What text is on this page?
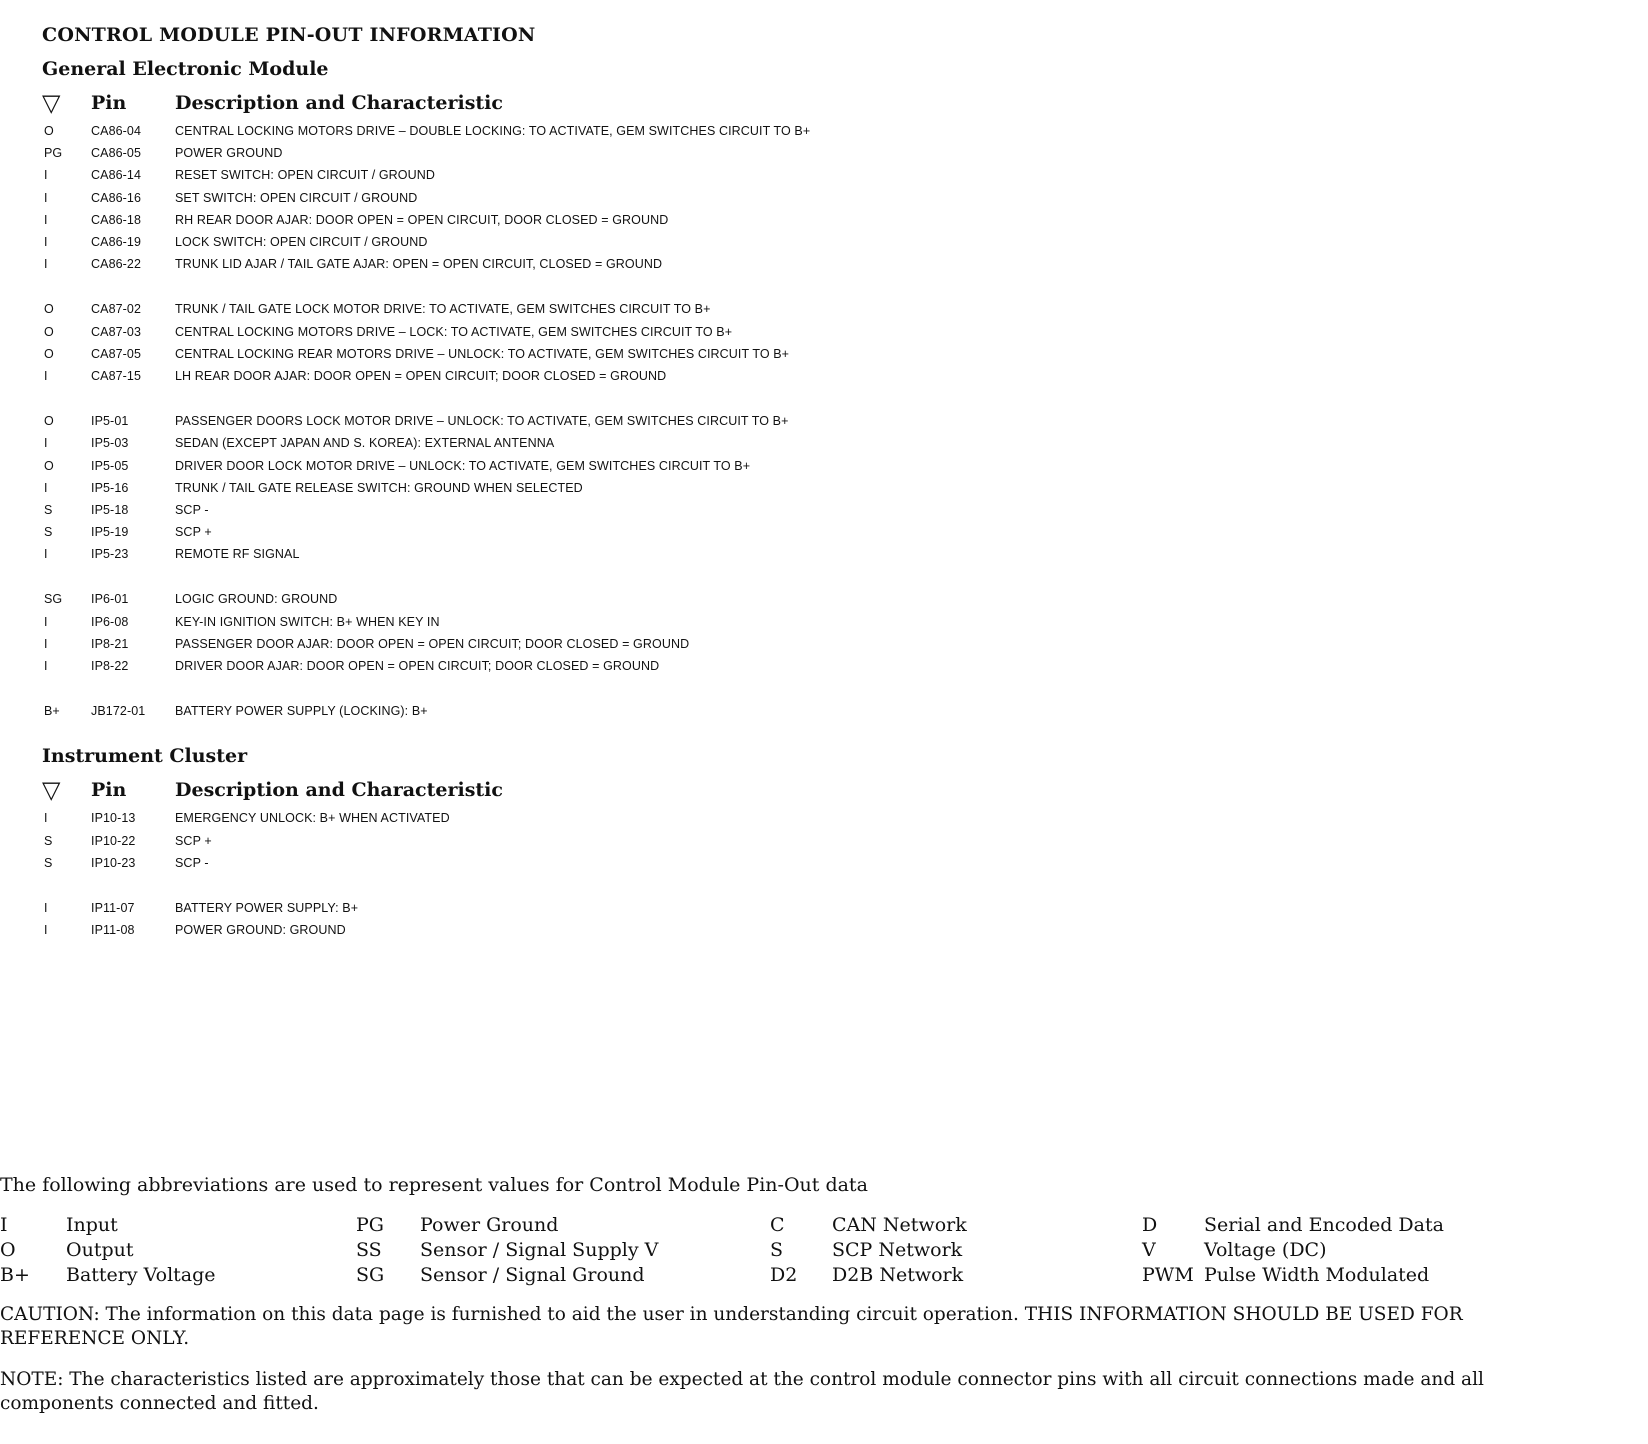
CONTROL MODULE PIN-OUT INFORMATION
General Electronic Module
▽	Pin	Description and Characteristic
O	CA86-04	CENTRAL LOCKING MOTORS DRIVE – DOUBLE LOCKING: TO ACTIVATE, GEM SWITCHES CIRCUIT TO B+
PG	CA86-05	POWER GROUND
I	CA86-14	RESET SWITCH: OPEN CIRCUIT / GROUND
I	CA86-16	SET SWITCH: OPEN CIRCUIT / GROUND
I	CA86-18	RH REAR DOOR AJAR: DOOR OPEN = OPEN CIRCUIT, DOOR CLOSED = GROUND
I	CA86-19	LOCK SWITCH: OPEN CIRCUIT / GROUND
I	CA86-22	TRUNK LID AJAR / TAIL GATE AJAR: OPEN = OPEN CIRCUIT, CLOSED = GROUND
O	CA87-02	TRUNK / TAIL GATE LOCK MOTOR DRIVE: TO ACTIVATE, GEM SWITCHES CIRCUIT TO B+
O	CA87-03	CENTRAL LOCKING MOTORS DRIVE – LOCK: TO ACTIVATE, GEM SWITCHES CIRCUIT TO B+
O	CA87-05	CENTRAL LOCKING REAR MOTORS DRIVE – UNLOCK: TO ACTIVATE, GEM SWITCHES CIRCUIT TO B+
I	CA87-15	LH REAR DOOR AJAR: DOOR OPEN = OPEN CIRCUIT; DOOR CLOSED = GROUND
O	IP5-01	PASSENGER DOORS LOCK MOTOR DRIVE – UNLOCK: TO ACTIVATE, GEM SWITCHES CIRCUIT TO B+
I	IP5-03	SEDAN (EXCEPT JAPAN AND S. KOREA): EXTERNAL ANTENNA
O	IP5-05	DRIVER DOOR LOCK MOTOR DRIVE – UNLOCK: TO ACTIVATE, GEM SWITCHES CIRCUIT TO B+
I	IP5-16	TRUNK / TAIL GATE RELEASE SWITCH: GROUND WHEN SELECTED
S	IP5-18	SCP -
S	IP5-19	SCP +
I	IP5-23	REMOTE RF SIGNAL
SG	IP6-01	LOGIC GROUND: GROUND
I	IP6-08	KEY-IN IGNITION SWITCH: B+ WHEN KEY IN
I	IP8-21	PASSENGER DOOR AJAR: DOOR OPEN = OPEN CIRCUIT; DOOR CLOSED = GROUND
I	IP8-22	DRIVER DOOR AJAR: DOOR OPEN = OPEN CIRCUIT; DOOR CLOSED = GROUND
B+	JB172-01	BATTERY POWER SUPPLY (LOCKING): B+
Instrument Cluster
▽	Pin	Description and Characteristic
I	IP10-13	EMERGENCY UNLOCK: B+ WHEN ACTIVATED
S	IP10-22	SCP +
S	IP10-23	SCP -
I	IP11-07	BATTERY POWER SUPPLY: B+
I	IP11-08	POWER GROUND: GROUND
The following abbreviations are used to represent values for Control Module Pin-Out data
I	Input	PG	Power Ground	C	CAN Network	D	Serial and Encoded Data
O	Output	SS	Sensor / Signal Supply V	S	SCP Network	V	Voltage (DC)
B+	Battery Voltage	SG	Sensor / Signal Ground	D2	D2B Network	PWM Pulse Width Modulated
CAUTION: The information on this data page is furnished to aid the user in understanding circuit operation. THIS INFORMATION SHOULD BE USED FOR REFERENCE ONLY.
NOTE: The characteristics listed are approximately those that can be expected at the control module connector pins with all circuit connections made and all components connected and fitted.
